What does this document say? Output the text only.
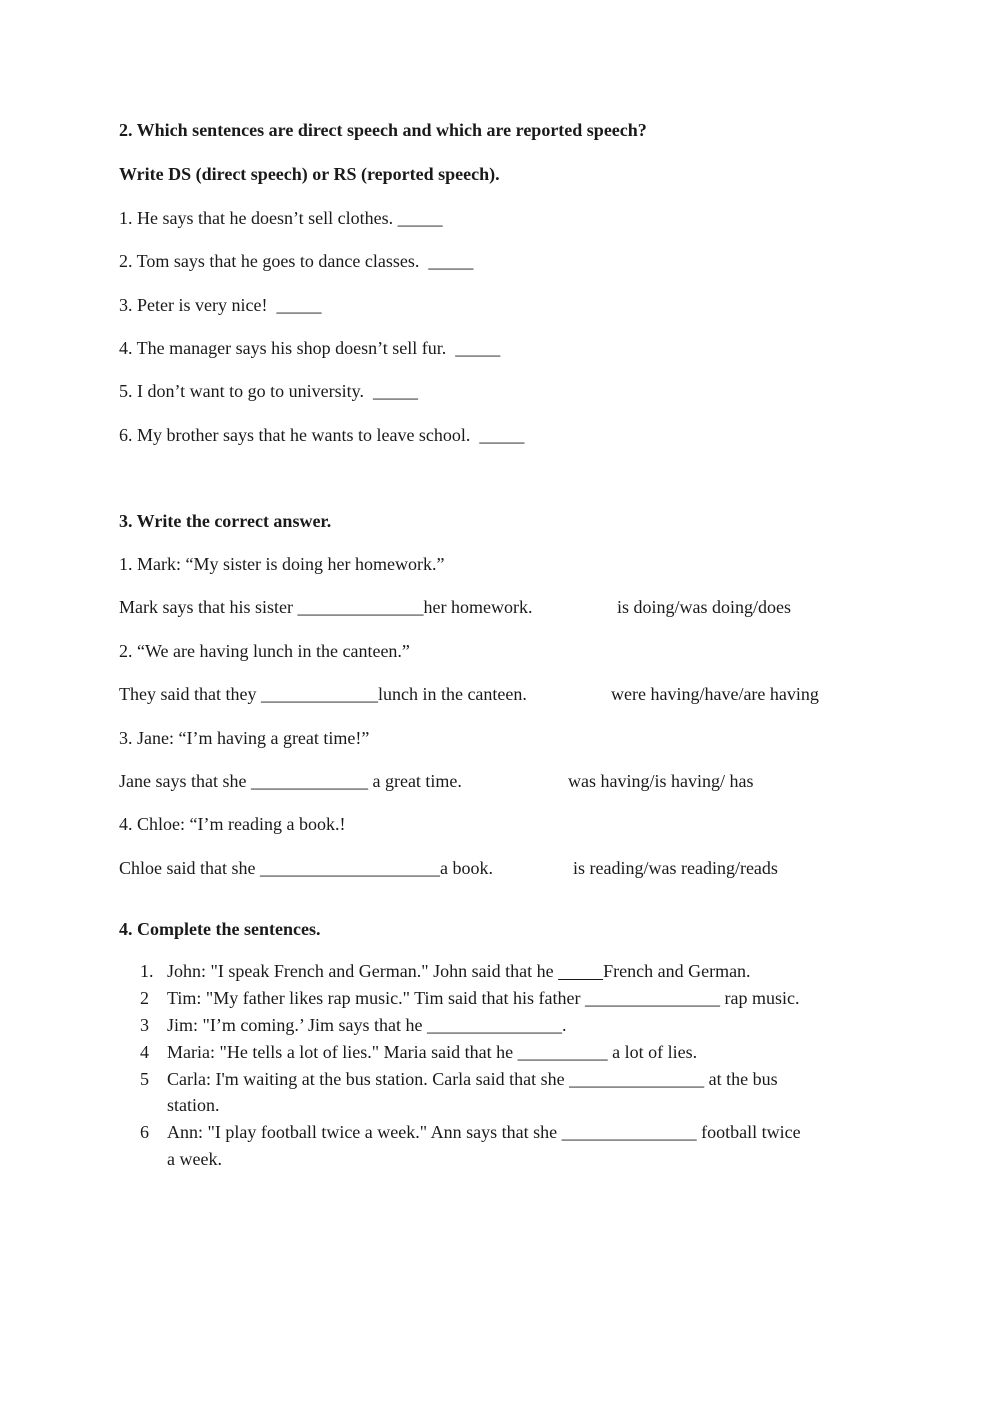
2. Which sentences are direct speech and which are reported speech?
Write DS (direct speech) or RS (reported speech).
1. He says that he doesn’t sell clothes. _____
2. Tom says that he goes to dance classes.  _____
3. Peter is very nice!  _____
4. The manager says his shop doesn’t sell fur.  _____
5. I don’t want to go to university.  _____
6. My brother says that he wants to leave school.  _____
3. Write the correct answer.
1. Mark: “My sister is doing her homework.”
Mark says that his sister ______________her homework.	is doing/was doing/does
2. “We are having lunch in the canteen.”
They said that they _____________lunch in the canteen.	were having/have/are having
3. Jane: “I’m having a great time!”
Jane says that she _____________ a great time.	was having/is having/ has
4. Chloe: “I’m reading a book.!
Chloe said that she ____________________a book.	is reading/was reading/reads
4. Complete the sentences.
1. John: "I speak French and German." John said that he	French and German.
2 Tim: "My father likes rap music." Tim said that his father _______________ rap music.
3 Jim: "I’m coming.’ Jim says that he _______________.
4 Maria: "He tells a lot of lies." Maria said that he __________ a lot of lies.
5 Carla: I'm waiting at the bus station. Carla said that she _______________ at the bus
station.
6 Ann: "I play football twice a week." Ann says that she _______________ football twice
a week.
